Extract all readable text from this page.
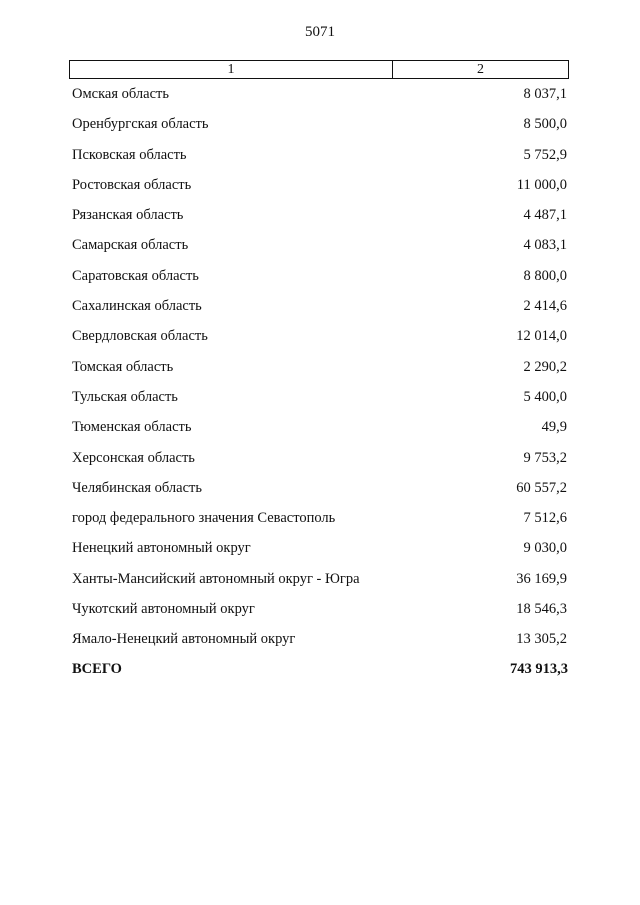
5071
1	2
Омская область	8 037,1
Оренбургская область	8 500,0
Псковская область	5 752,9
Ростовская область	11 000,0
Рязанская область	4 487,1
Самарская область	4 083,1
Саратовская область	8 800,0
Сахалинская область	2 414,6
Свердловская область	12 014,0
Томская область	2 290,2
Тульская область	5 400,0
Тюменская область	49,9
Херсонская область	9 753,2
Челябинская область	60 557,2
город федерального значения Севастополь	7 512,6
Ненецкий автономный округ	9 030,0
Ханты-Мансийский автономный округ - Югра	36 169,9
Чукотский автономный округ	18 546,3
Ямало-Ненецкий автономный округ	13 305,2
ВСЕГО	743 913,3
